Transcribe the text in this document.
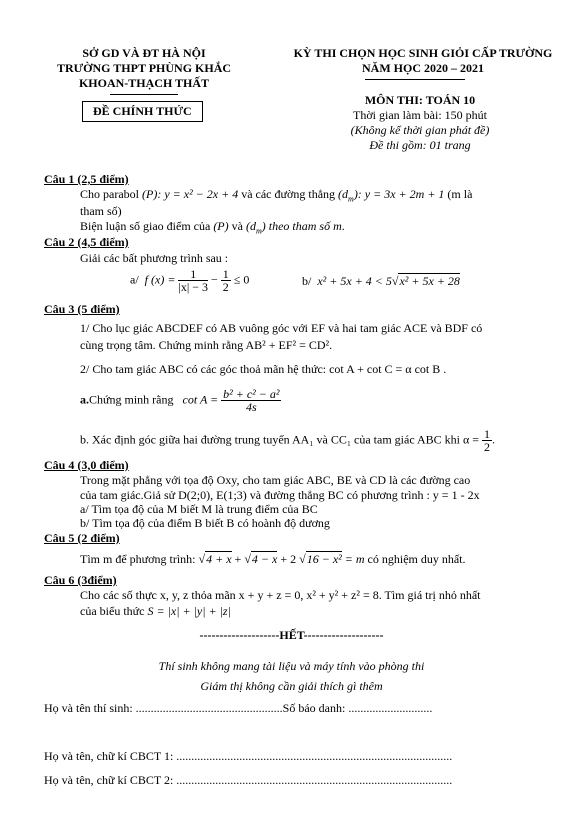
SỞ GD VÀ ĐT HÀ NỘI
TRƯỜNG THPT PHÙNG KHẮC
KHOAN-THẠCH THẤT
ĐỀ CHÍNH THỨC
KỲ THI CHỌN HỌC SINH GIỎI CẤP TRƯỜNG
NĂM HỌC 2020 – 2021
MÔN THI: TOÁN 10
Thời gian làm bài: 150 phút
(Không kể thời gian phát đề)
Đề thi gồm: 01 trang
Câu 1 (2,5 điểm)
Cho parabol (P): y = x² − 2x + 4 và các đường thẳng $(d_m)$: y = 3x + 2m + 1 (m là
tham số)
Biện luận số giao điểm của (P) và $(d_m)$ theo tham số m.
Câu 2 (4,5 điểm)
Giải các bất phương trình sau :
a/ f $(x) = \frac{1}{|x| - 3} - \frac{1}{2} \le 0$	b/ x² + 5x + 4 < 5√x² + 5x + 28
Câu 3 (5 điểm)
1/ Cho lục giác ABCDEF có AB vuông góc với EF và hai tam giác ACE và BDF có
cùng trọng tâm. Chứng minh rằng AB² + EF² = CD².
2/ Cho tam giác ABC có các góc thoả mãn hệ thức: cot A + cot C = α cot B .
a.Chứng minh rằng $\cot A = \frac{\text{b² + c² − a²}}{4s}$
b. Xác định góc giữa hai đường trung tuyến AA₁ và CC₁ của tam giác ABC khi $\alpha = \frac{1}{2}$ .
Câu 4 (3,0 điểm)
Trong mặt phẳng với tọa độ Oxy, cho tam giác ABC, BE và CD là các đường cao
của tam giác.Giả sử D(2;0), E(1;3) và đường thẳng BC có phương trình : y = 1 - 2x
a/ Tìm tọa độ của M biết M là trung điểm của BC
b/ Tìm tọa độ của điểm B biết B có hoành độ dương
Câu 5 (2 điểm)
Tìm m để phương trình: √4 + x + √4 − x + 2 √16 − x² = m có nghiệm duy nhất.
Câu 6 (3điểm)
Cho các số thực x, y, z thỏa mãn x + y + z = 0, x² + y² + z² = 8. Tìm giá trị nhỏ nhất
của biểu thức S = |x| + |y| + |z|
--------------------HẾT--------------------
Thí sinh không mang tài liệu và máy tính vào phòng thi
Giám thị không cần giải thích gì thêm
Họ và tên thí sinh: .................................................Số báo danh: ............................
Họ và tên, chữ kí CBCT 1: ............................................................................................
Họ và tên, chữ kí CBCT 2: ............................................................................................
